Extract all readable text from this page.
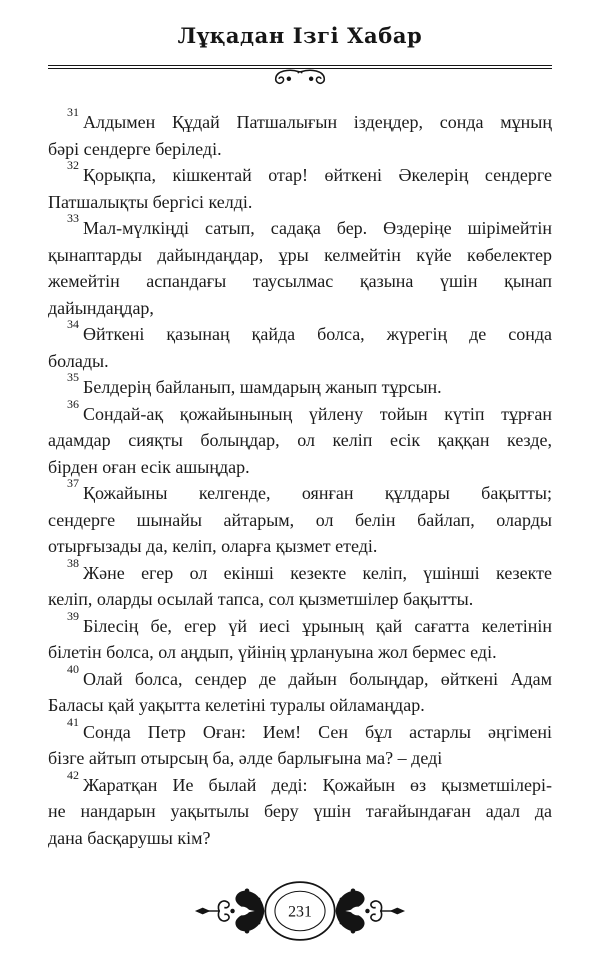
Лұқадан Ізгі Хабар
$^{31}$ Алдымен Құдай Патшалығын іздеңдер, сонда мұның
бәрі сендерге беріледі.
$^{32}$ Қорықпа, кішкентай отар! өйткені Әкелерің сендерге
Патшалықты бергісі келді.
$^{33}$ Мал-мүлкіңді сатып, садақа бер. Өздеріңе шірімейтін
қынаптарды дайындаңдар, ұры келмейтін күйе көбелектер
жемейтін аспандағы таусылмас қазына үшін қынап
дайындаңдар,
$^{34}$ Өйткені қазынаң қайда болса, жүрегің де сонда
болады.
$^{35}$ Белдерің байланып, шамдарың жанып тұрсын.
$^{36}$ Сондай-ақ қожайынының үйлену тойын күтіп тұрған
адамдар сияқты болыңдар, ол келіп есік қаққан кезде,
бірден оған есік ашыңдар.
$^{37}$ Қожайыны келгенде, оянған құлдары бақытты;
сендерге шынайы айтарым, ол белін байлап, оларды
отырғызады да, келіп, оларға қызмет етеді.
$^{38}$ Және егер ол екінші кезекте келіп, үшінші кезекте
келіп, оларды осылай тапса, сол қызметшілер бақытты.
$^{39}$ Білесің бе, егер үй иесі ұрының қай сағатта келетінін
білетін болса, ол аңдып, үйінің ұрлануына жол бермес еді.
$^{40}$ Олай болса, сендер де дайын болыңдар, өйткені Адам
Баласы қай уақытта келетіні туралы ойламаңдар.
$^{41}$ Сонда Петр Оған: Ием! Сен бұл астарлы әңгімені
бізге айтып отырсың ба, әлде барлығына ма? – деді
$^{42}$ Жаратқан Ие былай деді: Қожайын өз қызметшілері-
не нандарын уақытылы беру үшін тағайындаған адал да
дана басқарушы кім?
231
